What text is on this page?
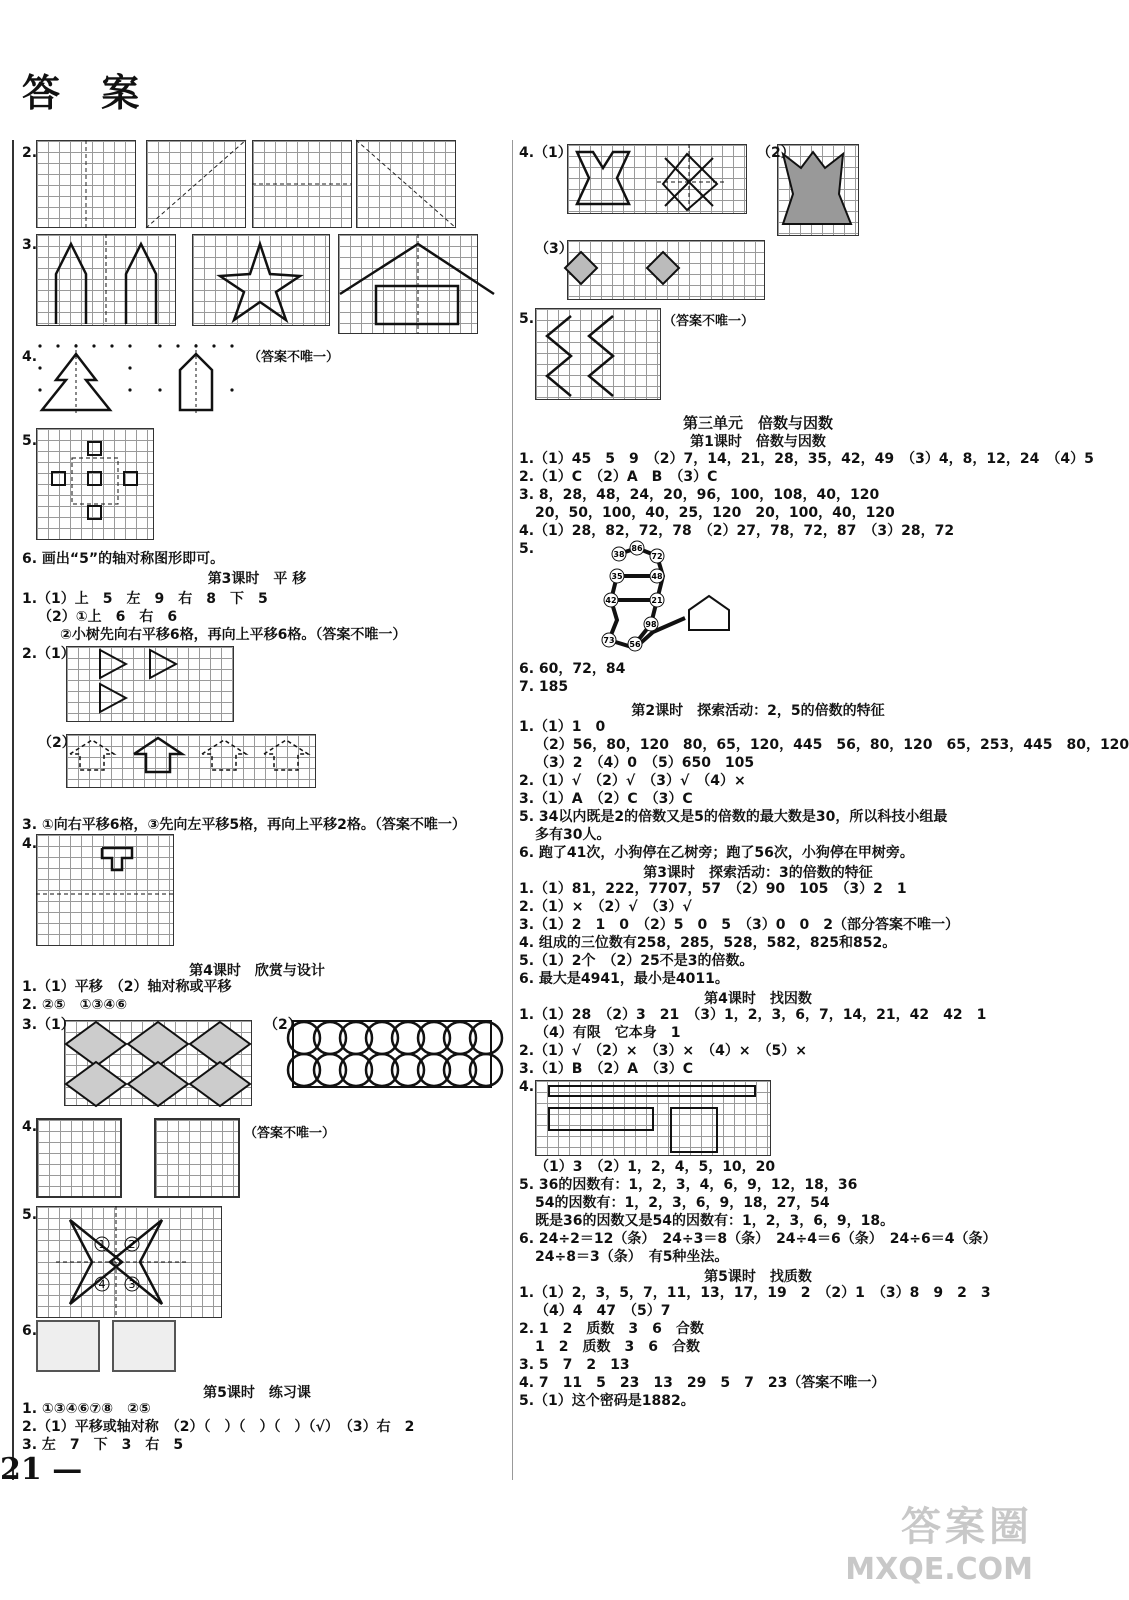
答 案
1 2
4 3
2.
3.
4.
5.
6. 画出“5”的轴对称图形即可。
1.（1）上　5　左　9　右　8　下　5
（2）①上　6　右　6
②小树先向右平移6格，再向上平移6格。（答案不唯一）
2.（1）
（2）
3. ①向右平移6格，③先向左平移5格，再向上平移2格。（答案不唯一）
4.
1.（1）平移　（2）轴对称或平移
2. ②⑤　①③④⑥
3.（1）	（2）
4.
5.
6.
1. ①③④⑥⑦⑧　②⑤
2.（1）平移或轴对称　（2）（　）（　）（　）（√）　（3）右　2
3. 左　7　下　3　右　5
第3课时　平 移
第4课时　欣赏与设计
第5课时　练习课
（答案不唯一）
（答案不唯一）
38
86
35	48
42	21
98
56
73
72
4.（1）	（2）
（3）
5.
1.（1）45　5　9　（2）7，14，21，28，35，42，49　（3）4，8，12，24　（4）5
2.（1）C　（2）A　B　（3）C
3. 8，28，48，24，20，96，100，108，40，120
20，50，100，40，25，120　20，100，40，120
4.（1）28，82，72，78　（2）27，78，72，87　（3）28，72
5.
6. 60，72，84
7. 185
1.（1）1　0
（2）56，80，120　80，65，120，445　56，80，120　65，253，445　80，120
（3）2　（4）0　（5）650　105
2.（1）√　（2）√　（3）√　（4）×
3.（1）A　（2）C　（3）C
5. 34以内既是2的倍数又是5的倍数的最大数是30，所以科技小组最
多有30人。
6. 跑了41次，小狗停在乙树旁；跑了56次，小狗停在甲树旁。
1.（1）81，222，7707，57　（2）90　105　（3）2　1
2.（1）×　（2）√　（3）√
3.（1）2　1　0　（2）5　0　5　（3）0　0　2（部分答案不唯一）
4. 组成的三位数有258，285，528，582，825和852。
5.（1）2个　（2）25不是3的倍数。
6. 最大是4941，最小是4011。
1.（1）28　（2）3　21　（3）1，2，3，6，7，14，21，42　42　1
（4）有限　它本身　1
2.（1）√　（2）×　（3）×　（4）×　（5）×
3.（1）B　（2）A　（3）C
4.
（1）3　（2）1，2，4，5，10，20
5. 36的因数有：1，2，3，4，6，9，12，18，36
54的因数有：1，2，3，6，9，18，27，54
既是36的因数又是54的因数有：1，2，3，6，9，18。
6. 24÷2＝12（条）　24÷3＝8（条）　24÷4＝6（条）　24÷6＝4（条）
24÷8＝3（条）　有5种坐法。
1.（1）2，3，5，7，11，13，17，19　2　（2）1　（3）8　9　2　3
（4）4　47　（5）7
2. 1　2　质数　3　6　合数
1　2　质数　3　6　合数
3. 5　7　2　13
4. 7　11　5　23　13　29　5　7　23（答案不唯一）
5.（1）这个密码是1882。
第三单元　倍数与因数
第1课时　倍数与因数
第2课时　探索活动：2，5的倍数的特征
第3课时　探索活动：3的倍数的特征
第4课时　找因数
第5课时　找质数
（答案不唯一）
21 —
答案圈
MXQE.COM
